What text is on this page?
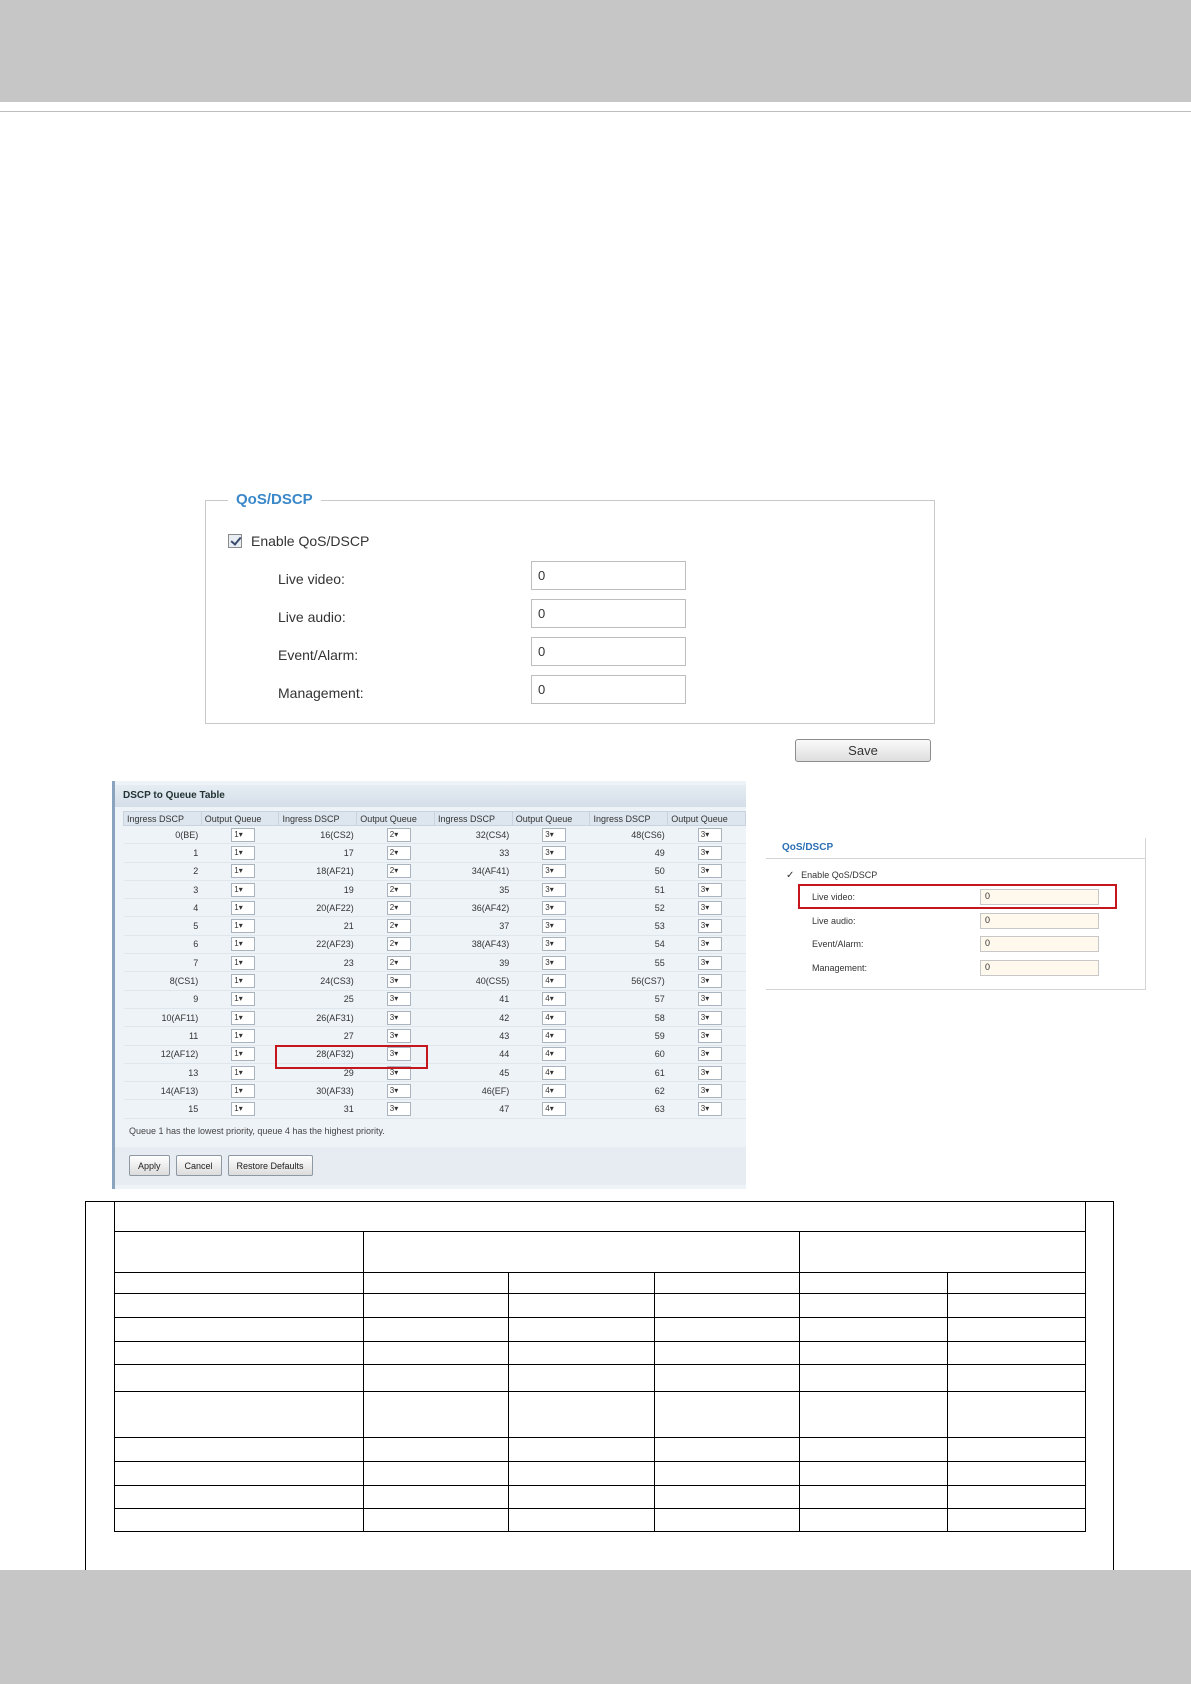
QoS/DSCP
Enable QoS/DSCP
Live video:
0
Live audio:
0
Event/Alarm:
0
Management:
0
Save
DSCP to Queue Table
Ingress DSCP	Output Queue	Ingress DSCP	Output Queue	Ingress DSCP	Output Queue	Ingress DSCP	Output Queue
0(BE)	1▾	16(CS2)	2▾	32(CS4)	3▾	48(CS6)	3▾
1	1▾	17	2▾	33	3▾	49	3▾
2	1▾	18(AF21)	2▾	34(AF41)	3▾	50	3▾
3	1▾	19	2▾	35	3▾	51	3▾
4	1▾	20(AF22)	2▾	36(AF42)	3▾	52	3▾
5	1▾	21	2▾	37	3▾	53	3▾
6	1▾	22(AF23)	2▾	38(AF43)	3▾	54	3▾
7	1▾	23	2▾	39	3▾	55	3▾
8(CS1)	1▾	24(CS3)	3▾	40(CS5)	4▾	56(CS7)	3▾
9	1▾	25	3▾	41	4▾	57	3▾
10(AF11)	1▾	26(AF31)	3▾	42	4▾	58	3▾
11	1▾	27	3▾	43	4▾	59	3▾
12(AF12)	1▾	28(AF32)	3▾	44	4▾	60	3▾
13	1▾	29	3▾	45	4▾	61	3▾
14(AF13)	1▾	30(AF33)	3▾	46(EF)	4▾	62	3▾
15	1▾	31	3▾	47	4▾	63	3▾
Queue 1 has the lowest priority, queue 4 has the highest priority.
Apply	Cancel	Restore Defaults
QoS/DSCP
✓ Enable QoS/DSCP
Live video:	0
Live audio:	0
Event/Alarm:	0
Management:	0
